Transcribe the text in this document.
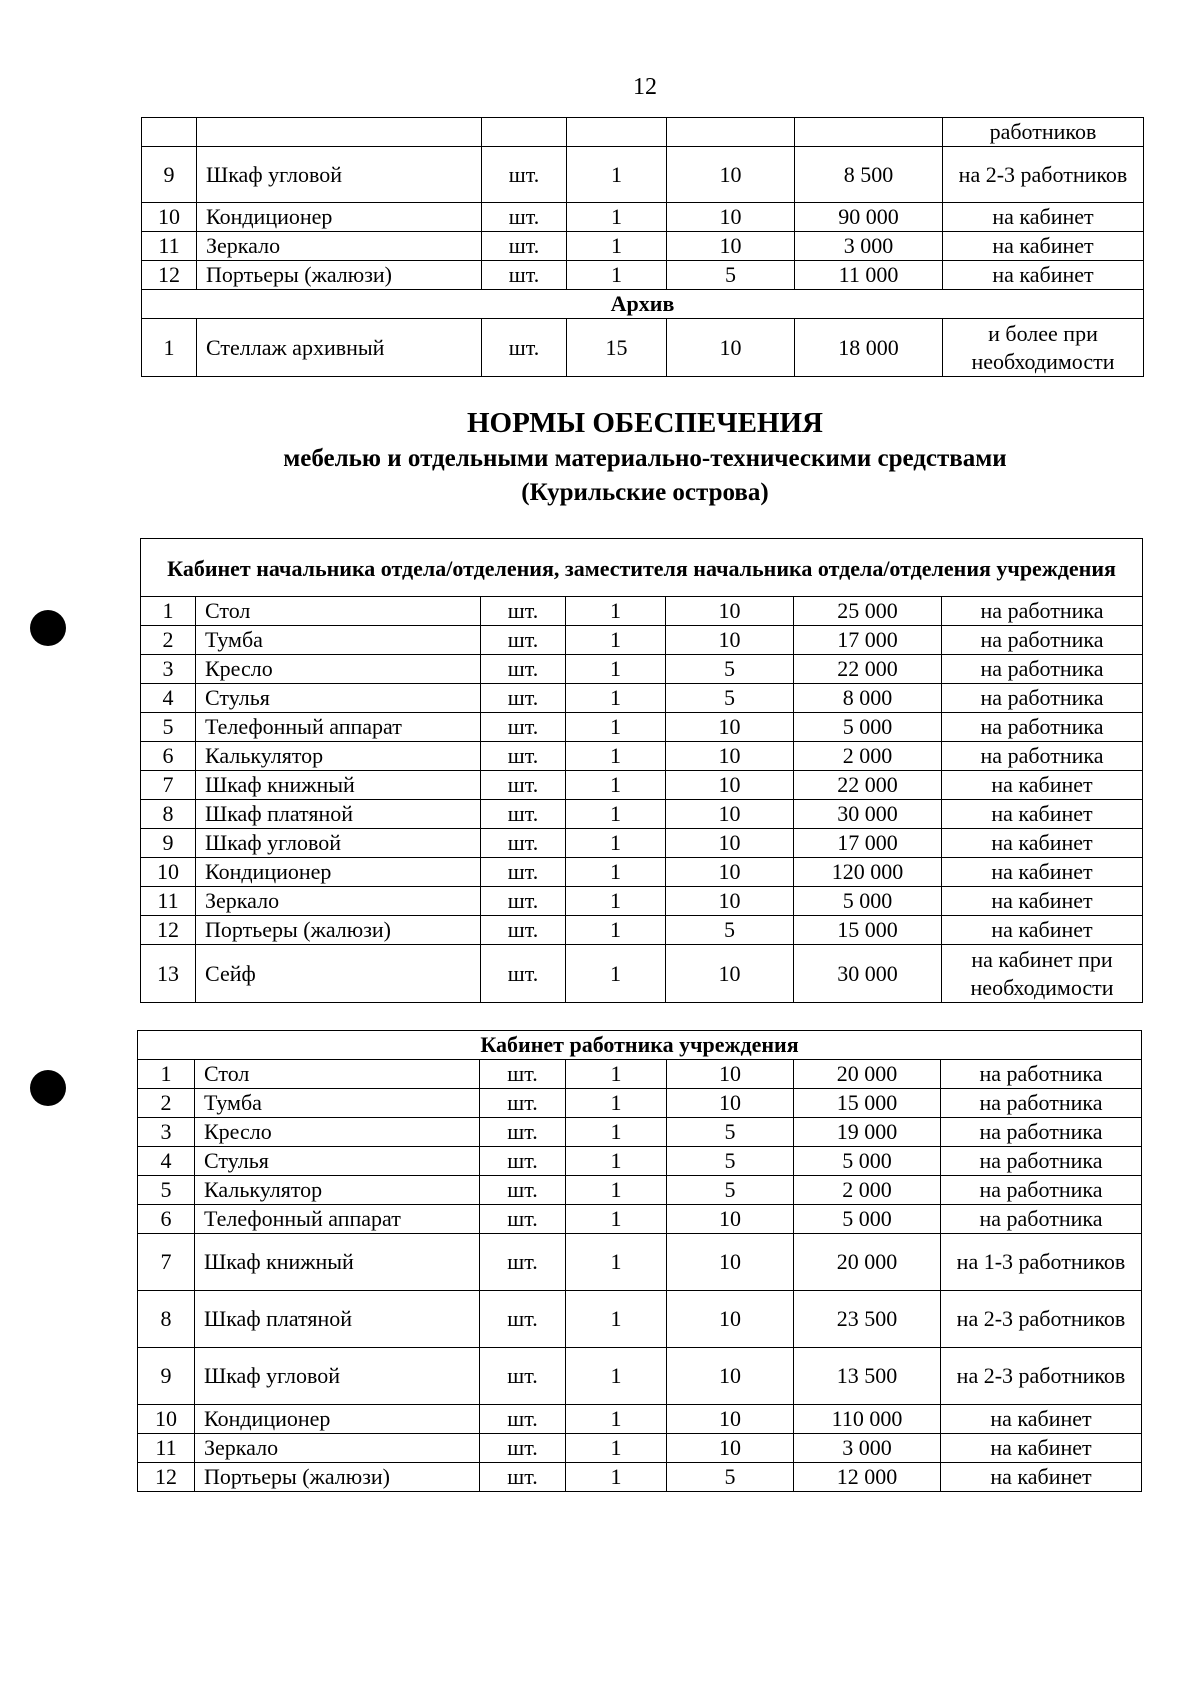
12
						работников
9	Шкаф угловой	шт.	1	10	8 500	на 2-3 работников
10	Кондиционер	шт.	1	10	90 000	на кабинет
11	Зеркало	шт.	1	10	3 000	на кабинет
12	Портьеры (жалюзи)	шт.	1	5	11 000	на кабинет
Архив						
1	Стеллаж архивный	шт.	15	10	18 000	и более при необходимости
НОРМЫ ОБЕСПЕЧЕНИЯ
мебелью и отдельными материально-техническими средствами
(Курильские острова)
Кабинет начальника отдела/отделения, заместителя начальника отдела/отделения учреждения						
1	Стол	шт.	1	10	25 000	на работника
2	Тумба	шт.	1	10	17 000	на работника
3	Кресло	шт.	1	5	22 000	на работника
4	Стулья	шт.	1	5	8 000	на работника
5	Телефонный аппарат	шт.	1	10	5 000	на работника
6	Калькулятор	шт.	1	10	2 000	на работника
7	Шкаф книжный	шт.	1	10	22 000	на кабинет
8	Шкаф платяной	шт.	1	10	30 000	на кабинет
9	Шкаф угловой	шт.	1	10	17 000	на кабинет
10	Кондиционер	шт.	1	10	120 000	на кабинет
11	Зеркало	шт.	1	10	5 000	на кабинет
12	Портьеры (жалюзи)	шт.	1	5	15 000	на кабинет
13	Сейф	шт.	1	10	30 000	на кабинет при необходимости
Кабинет работника учреждения						
1	Стол	шт.	1	10	20 000	на работника
2	Тумба	шт.	1	10	15 000	на работника
3	Кресло	шт.	1	5	19 000	на работника
4	Стулья	шт.	1	5	5 000	на работника
5	Калькулятор	шт.	1	5	2 000	на работника
6	Телефонный аппарат	шт.	1	10	5 000	на работника
7	Шкаф книжный	шт.	1	10	20 000	на 1-3 работников
8	Шкаф платяной	шт.	1	10	23 500	на 2-3 работников
9	Шкаф угловой	шт.	1	10	13 500	на 2-3 работников
10	Кондиционер	шт.	1	10	110 000	на кабинет
11	Зеркало	шт.	1	10	3 000	на кабинет
12	Портьеры (жалюзи)	шт.	1	5	12 000	на кабинет
